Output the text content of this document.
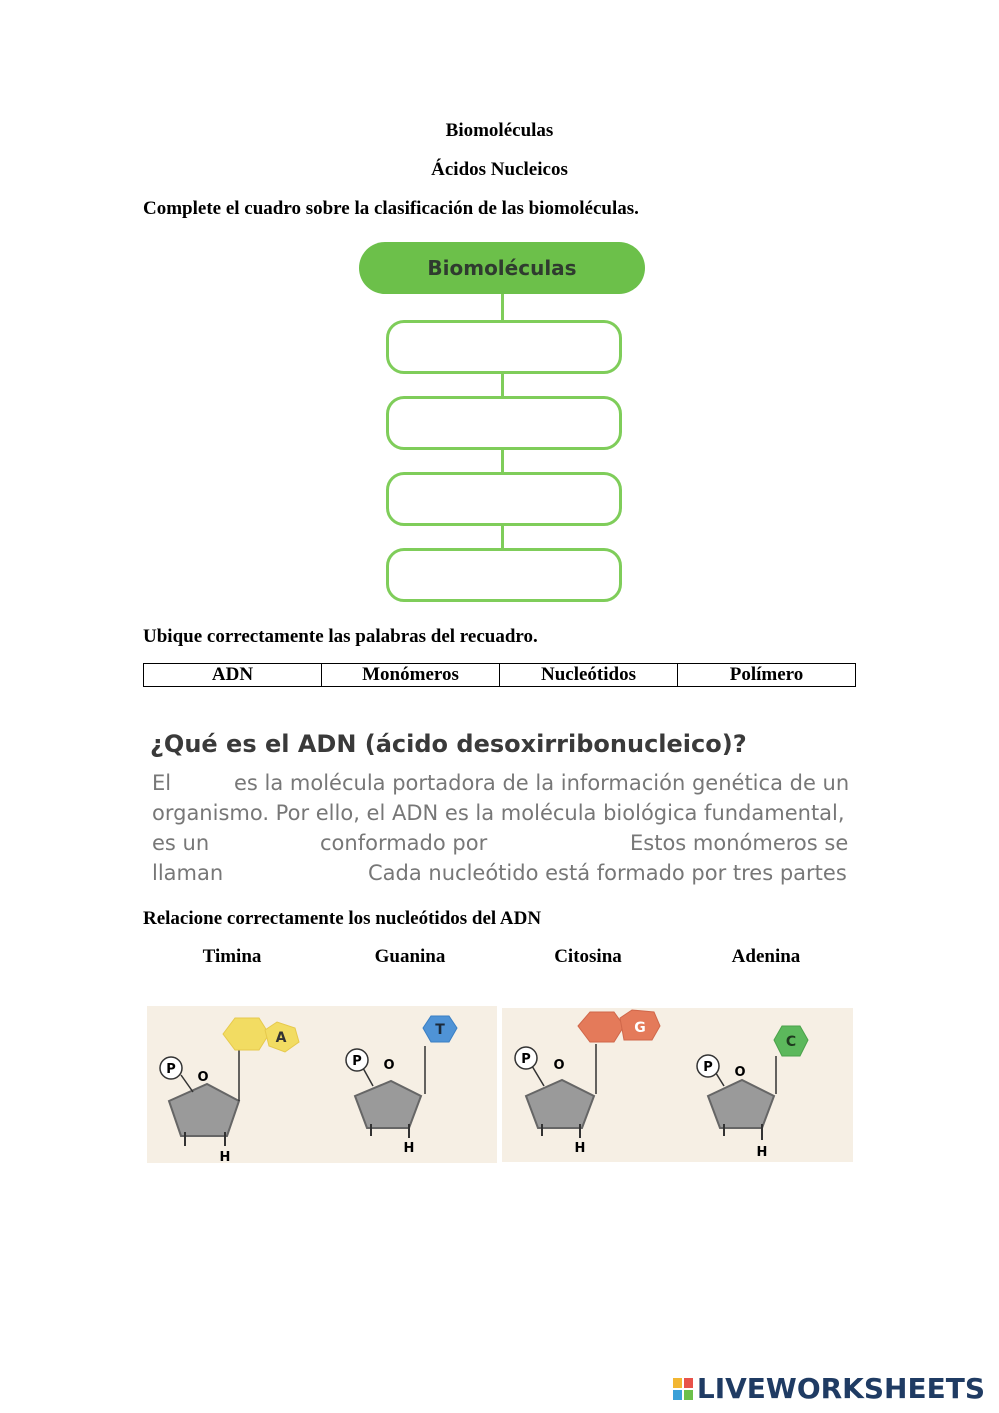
Biomoléculas
Ácidos Nucleicos
Complete el cuadro sobre la clasificación de las biomoléculas.
Biomoléculas
Ubique correctamente las palabras del recuadro.
ADN	Monómeros	Nucleótidos	Polímero
¿Qué es el ADN (ácido desoxirribonucleico)?
El	es la molécula portadora de la información genética de un
organismo. Por ello, el ADN es la molécula biológica fundamental,
es un	conformado por	Estos monómeros se
llaman	Cada nucleótido está formado por tres partes
Relacione correctamente los nucleótidos del ADN
Timina	Guanina	Citosina	Adenina
P
O
H
A
P O
H
T
P O
H
G
P O
H
C
LIVEWORKSHEETS
